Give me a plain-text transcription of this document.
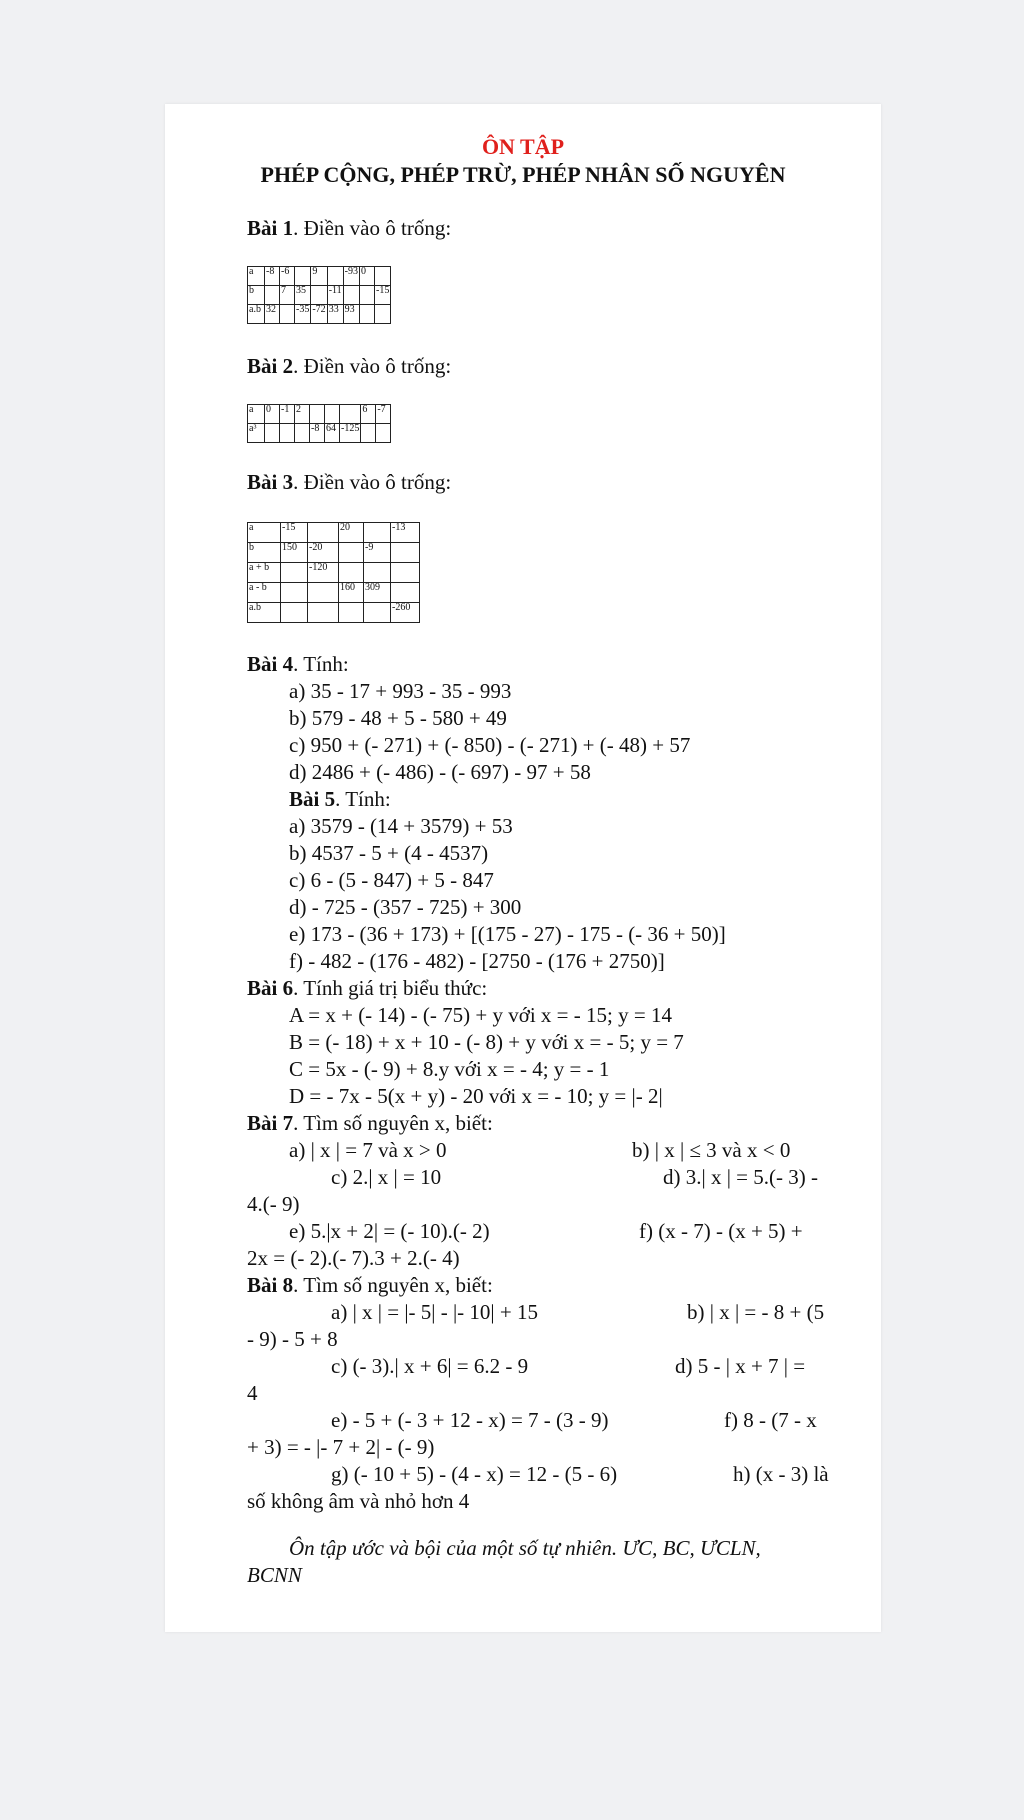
ÔN TẬP
PHÉP CỘNG, PHÉP TRỪ, PHÉP NHÂN SỐ NGUYÊN
Bài 1. Điền vào ô trống:
a	-8	-6		9		-93	0	
b		7	35		-11			-15
a.b	32		-35	-72	33	93		
Bài 2. Điền vào ô trống:
a	0	-1	2				6	-7
a³				-8	64	-125		
Bài 3. Điền vào ô trống:
a	-15		20		-13
b	150	-20		-9	
a + b		-120			
a - b			160	309	
a.b					-260
Bài 4. Tính:
a) 35 - 17 + 993 - 35 - 993
b) 579 - 48 + 5 - 580 + 49
c) 950 + (- 271) + (- 850) - (- 271) + (- 48) + 57
d) 2486 + (- 486) - (- 697) - 97 + 58
Bài 5. Tính:
a) 3579 - (14 + 3579) + 53
b) 4537 - 5 + (4 - 4537)
c) 6 - (5 - 847) + 5 - 847
d) - 725 - (357 - 725) + 300
e) 173 - (36 + 173) + [(175 - 27) - 175 - (- 36 + 50)]
f) - 482 - (176 - 482) - [2750 - (176 + 2750)]
Bài 6. Tính giá trị biểu thức:
A = x + (- 14) - (- 75) + y với x = - 15; y = 14
B = (- 18) + x + 10 - (- 8) + y với x = - 5; y = 7
C = 5x - (- 9) + 8.y với x = - 4; y = - 1
D = - 7x - 5(x + y) - 20 với x = - 10; y = |- 2|
Bài 7. Tìm số nguyên x, biết:
a) | x | = 7 và x > 0	b) | x | ≤ 3 và x < 0
c) 2.| x | = 10	d) 3.| x | = 5.(- 3) -
4.(- 9)
e) 5.|x + 2| = (- 10).(- 2)	f) (x - 7) - (x + 5) +
2x = (- 2).(- 7).3 + 2.(- 4)
Bài 8. Tìm số nguyên x, biết:
a) | x | = |- 5| - |- 10| + 15	b) | x | = - 8 + (5
- 9) - 5 + 8
c) (- 3).| x + 6| = 6.2 - 9	d) 5 - | x + 7 | =
4
e) - 5 + (- 3 + 12 - x) = 7 - (3 - 9)	f) 8 - (7 - x
+ 3) = - |- 7 + 2| - (- 9)
g) (- 10 + 5) - (4 - x) = 12 - (5 - 6)	h) (x - 3) là
số không âm và nhỏ hơn 4
Ôn tập ước và bội của một số tự nhiên. ƯC, BC, ƯCLN,
BCNN
